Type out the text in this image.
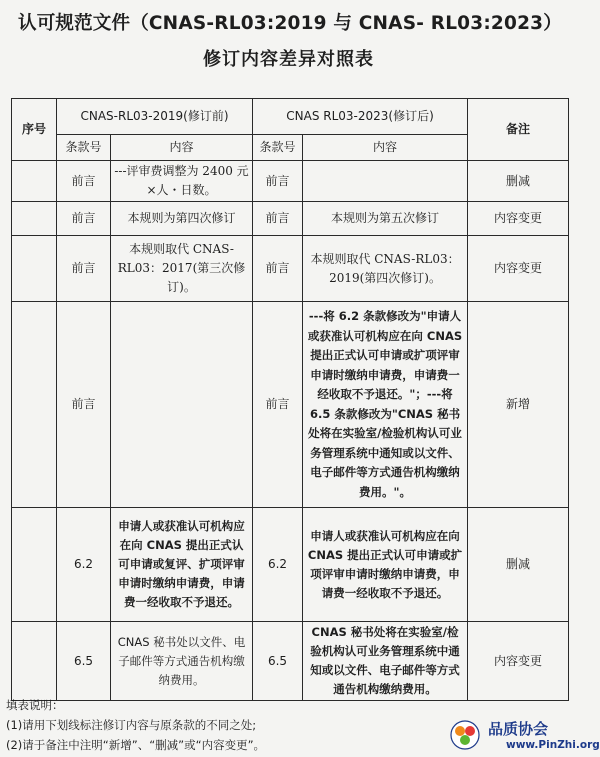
认可规范文件（CNAS-RL03:2019 与 CNAS- RL03:2023）
修订内容差异对照表
序号	CNAS-RL03-2019(修订前)		CNAS RL03-2023(修订后)		备注
	条款号	内容	条款号	内容	
	前言	---评审费调整为 2400 元×人・日数。	前言		删减
	前言	本规则为第四次修订	前言	本规则为第五次修订	内容变更
	前言	本规则取代 CNAS-RL03：2017(第三次修订)。	前言	本规则取代 CNAS-RL03：2019(第四次修订)。	内容变更
	前言		前言	---将 6.2 条款修改为"申请人或获准认可机构应在向 CNAS 提出正式认可申请或扩项评审申请时缴纳申请费，申请费一经收取不予退还。"；---将 6.5 条款修改为"CNAS 秘书处将在实验室/检验机构认可业务管理系统中通知或以文件、电子邮件等方式通告机构缴纳费用。"。	新增
	6.2	申请人或获准认可机构应在向 CNAS 提出正式认可申请或复评、扩项评审申请时缴纳申请费，申请费一经收取不予退还。	6.2	申请人或获准认可机构应在向 CNAS 提出正式认可申请或扩项评审申请时缴纳申请费，申请费一经收取不予退还。	删减
	6.5	CNAS 秘书处以文件、电子邮件等方式通告机构缴纳费用。	6.5	CNAS 秘书处将在实验室/检验机构认可业务管理系统中通知或以文件、电子邮件等方式通告机构缴纳费用。	内容变更
填表说明：
(1)请用下划线标注修订内容与原条款的不同之处;
(2)请于备注中注明“新增”、“删减”或“内容变更”。
品质协会
www.PinZhi.org
